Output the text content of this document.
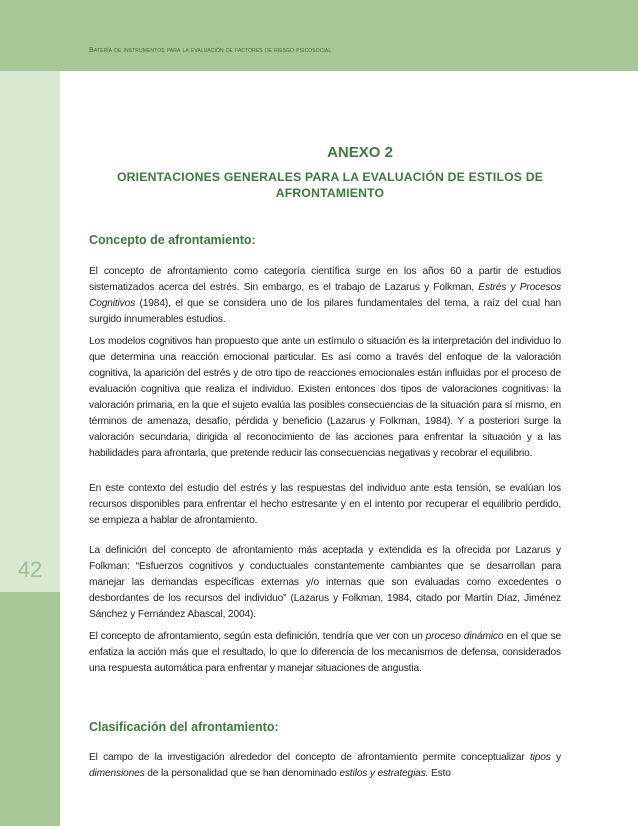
Batería de instrumentos para la evaluación de factores de riesgo psicosocial
42
ANEXO 2
ORIENTACIONES GENERALES PARA LA EVALUACIÓN DE ESTILOS DE AFRONTAMIENTO
Concepto de afrontamiento:

El concepto de afrontamiento como categoría científica surge en los años 60 a partir de estudios sistematizados acerca del estrés. Sin embargo, es el trabajo de Lazarus y Folkman, Estrés y Procesos Cognitivos (1984), el que se considera uno de los pilares fundamentales del tema, a raíz del cual han surgido innumerables estudios.

Los modelos cognitivos han propuesto que ante un estímulo o situación es la interpretación del individuo lo que determina una reacción emocional particular. Es así como a través del enfoque de la valoración cognitiva, la aparición del estrés y de otro tipo de reacciones emocionales están influidas por el proceso de evaluación cognitiva que realiza el individuo. Existen entonces dos tipos de valoraciones cognitivas: la valoración primaria, en la que el sujeto evalúa las posibles consecuencias de la situación para sí mismo, en términos de amenaza, desafío, pérdida y beneficio (Lazarus y Folkman, 1984). Y a posteriori surge la valoración secundaria, dirigida al reconocimiento de las acciones para enfrentar la situación y a las habilidades para afrontarla, que pretende reducir las consecuencias negativas y recobrar el equilibrio.

En este contexto del estudio del estrés y las respuestas del individuo ante esta tensión, se evalúan los recursos disponibles para enfrentar el hecho estresante y en el intento por recuperar el equilibrio perdido, se empieza a hablar de afrontamiento.

La definición del concepto de afrontamiento más aceptada y extendida es la ofrecida por Lazarus y Folkman: “Esfuerzos cognitivos y conductuales constantemente cambiantes que se desarrollan para manejar las demandas específicas externas y/o internas que son evaluadas como excedentes o desbordantes de los recursos del individuo” (Lazarus y Folkman, 1984, citado por Martín Díaz, Jiménez Sánchez y Fernández Abascal, 2004).

El concepto de afrontamiento, según esta definición, tendría que ver con un proceso dinámico en el que se enfatiza la acción más que el resultado, lo que lo diferencia de los mecanismos de defensa, considerados una respuesta automática para enfrentar y manejar situaciones de angustia.

Clasificación del afrontamiento:

El campo de la investigación alrededor del concepto de afrontamiento permite conceptualizar tipos y dimensiones de la personalidad que se han denominado estilos y estrategias. Esto
